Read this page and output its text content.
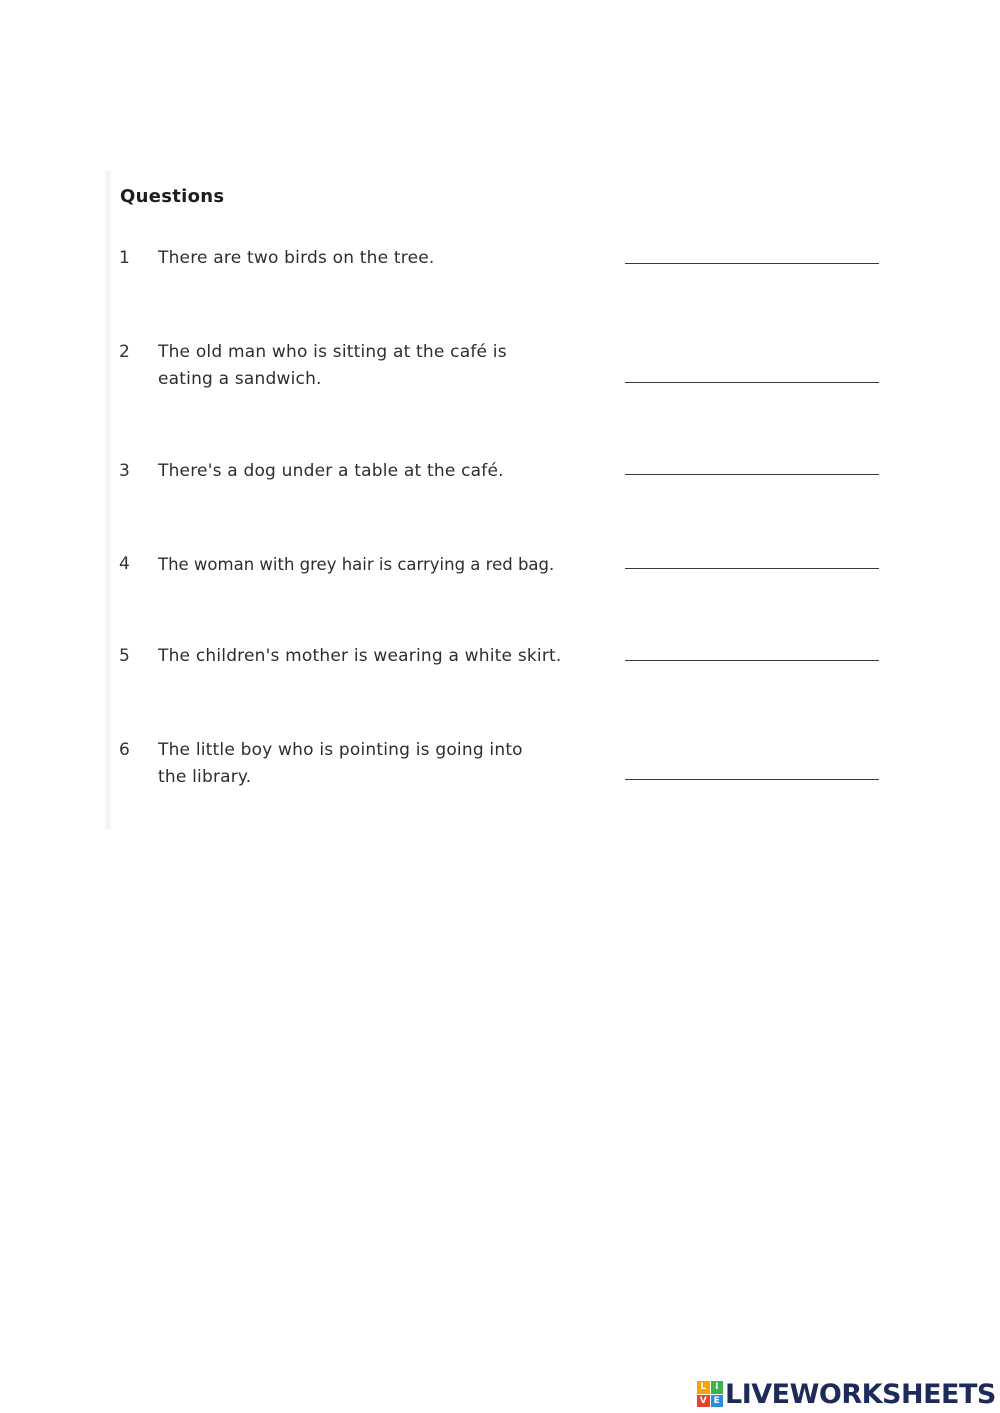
Questions
1 There are two birds on the tree.
2 The old man who is sitting at the café is
eating a sandwich.
3 There's a dog under a table at the café.
4 The woman with grey hair is carrying a red bag.
5 The children's mother is wearing a white skirt.
6 The little boy who is pointing is going into
the library.
L I
V E LIVEWORKSHEETS
